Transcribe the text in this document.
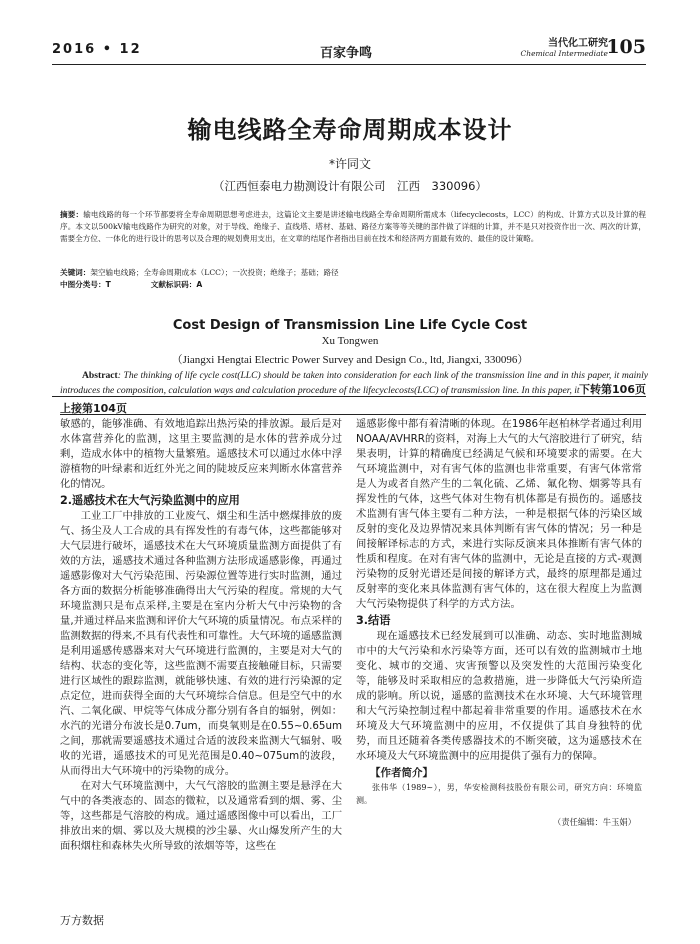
2016 • 12	百家争鸣
当代化工研究
Chemical Intermediate
105
输电线路全寿命周期成本设计
*许同文
（江西恒泰电力勘测设计有限公司　江西　330096）
摘要：输电线路的每一个环节都要将全寿命周期思想考虑进去，这篇论文主要是讲述输电线路全寿命周期所需成本（lifecyclecosts，LCC）的构成、计算方式以及计算的程序。本文以500kV输电线路作为研究的对象，对于导线、绝缘子、直线塔、塔材、基础、路径方案等等关键的部件做了详细的计算，并不是只对投资作出一次、两次的计算，需要全方位、一体化的进行设计的思考以及合理的规划费用支出，在文章的结尾作者指出目前在技术和经济两方面最有效的、最佳的设计策略。
关键词：架空输电线路；全寿命周期成本（LCC）；一次投资；绝缘子；基础；路径
中图分类号：T	文献标识码：A
Cost Design of Transmission Line Life Cycle Cost
Xu Tongwen
（Jiangxi Hengtai Electric Power Survey and Design Co., ltd, Jiangxi, 330096）
Abstract: The thinking of life cycle cost(LLC) should be taken into consideration for each link of the transmission line and in this paper, it mainly introduces the composition, calculation ways and calculation procedure of the lifecyclecosts(LCC) of transmission line. In this paper, it 下转第106页
上接第104页

敏感的，能够准确、有效地追踪出热污染的排放源。最后是对水体富营养化的监测，这里主要监测的是水体的营养成分过剩，造成水体中的植物大量繁殖。遥感技术可以通过水体中浮游植物的叶绿素和近红外光之间的陡坡反应来判断水体富营养化的情况。

2.遥感技术在大气污染监测中的应用

工业工厂中排放的工业废气、烟尘和生活中燃煤排放的废气、扬尘及人工合成的具有挥发性的有毒气体，这些都能够对大气层进行破坏，遥感技术在大气环境质量监测方面提供了有效的方法，遥感技术通过各种监测方法形成遥感影像，再通过遥感影像对大气污染范围、污染源位置等进行实时监测，通过各方面的数据分析能够准确得出大气污染的程度。常规的大气环境监测只是布点采样,主要是在室内分析大气中污染物的含量,并通过样品来监测和评价大气环境的质量情况。布点采样的监测数据的得来,不具有代表性和可靠性。大气环境的遥感监测是利用遥感传感器来对大气环境进行监测的，主要是对大气的结构、状态的变化等，这些监测不需要直接触碰目标，只需要进行区域性的跟踪监测，就能够快速、有效的进行污染源的定点定位，进而获得全面的大气环境综合信息。但是空气中的水汽、二氧化碳、甲烷等气体成分都分别有各自的辐射，例如：水汽的光谱分布波长是0.7um，而臭氧则是在0.55~0.65um之间，那就需要遥感技术通过合适的波段来监测大气辐射、吸收的光谱，遥感技术的可见光范围是0.40~075um的波段，从而得出大气环境中的污染物的成分。

在对大气环境监测中，大气气溶胶的监测主要是悬浮在大气中的各类液态的、固态的微粒，以及通常看到的烟、雾、尘等，这些都是气溶胶的构成。通过遥感图像中可以看出，工厂排放出来的烟、雾以及大规模的沙尘暴、火山爆发所产生的大面积烟柱和森林失火所导致的浓烟等等，这些在

遥感影像中都有着清晰的体现。在1986年赵柏林学者通过利用NOAA/AVHRR的资料，对海上大气的大气溶胶进行了研究，结果表明，计算的精确度已经满足气候和环境要求的需要。在大气环境监测中，对有害气体的监测也非常重要，有害气体常常是人为或者自然产生的二氧化硫、乙烯、氟化物、烟雾等具有挥发性的气体，这些气体对生物有机体都是有损伤的。遥感技术监测有害气体主要有二种方法，一种是根据气体的污染区域反射的变化及边界情况来具体判断有害气体的情况；另一种是间接解译标志的方式，来进行实际反演来具体推断有害气体的性质和程度。在对有害气体的监测中，无论是直接的方式-观测污染物的反射光谱还是间接的解译方式，最终的原理都是通过反射率的变化来具体监测有害气体的，这在很大程度上为监测大气污染物提供了科学的方式方法。

3.结语

现在遥感技术已经发展到可以准确、动态、实时地监测城市中的大气污染和水污染等方面，还可以有效的监测城市土地变化、城市的交通、灾害预警以及突发性的大范围污染变化等，能够及时采取相应的急救措施，进一步降低大气污染所造成的影响。所以说，遥感的监测技术在水环境、大气环境管理和大气污染控制过程中都起着非常重要的作用。遥感技术在水环境及大气环境监测中的应用，不仅提供了其自身独特的优势，而且还随着各类传感器技术的不断突破，这为遥感技术在水环境及大气环境监测中的应用提供了强有力的保障。

【作者简介】

张伟华（1989~），男，华安检测科技股份有限公司，研究方向：环境监测。

（责任编辑：牛玉娟）
万方数据
